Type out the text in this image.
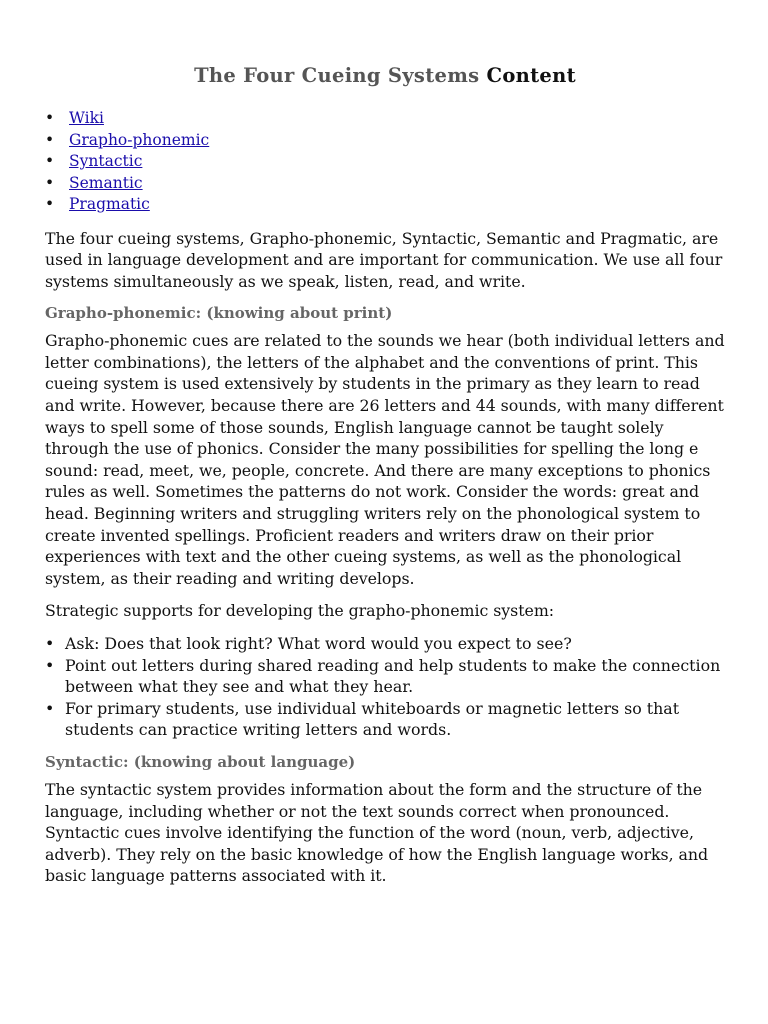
The Four Cueing Systems Content
• Wiki
• Grapho-phonemic
• Syntactic
• Semantic
• Pragmatic

The four cueing systems, Grapho-phonemic, Syntactic, Semantic and Pragmatic, are used in language development and are important for communication. We use all four systems simultaneously as we speak, listen, read, and write.

Grapho-phonemic: (knowing about print)

Grapho-phonemic cues are related to the sounds we hear (both individual letters and letter combinations), the letters of the alphabet and the conventions of print. This cueing system is used extensively by students in the primary as they learn to read and write. However, because there are 26 letters and 44 sounds, with many different ways to spell some of those sounds, English language cannot be taught solely through the use of phonics. Consider the many possibilities for spelling the long e sound: read, meet, we, people, concrete. And there are many exceptions to phonics rules as well. Sometimes the patterns do not work. Consider the words: great and head. Beginning writers and struggling writers rely on the phonological system to create invented spellings. Proficient readers and writers draw on their prior experiences with text and the other cueing systems, as well as the phonological system, as their reading and writing develops.

Strategic supports for developing the grapho-phonemic system:

• Ask: Does that look right? What word would you expect to see?
• Point out letters during shared reading and help students to make the connection between what they see and what they hear.
• For primary students, use individual whiteboards or magnetic letters so that students can practice writing letters and words.
Syntactic: (knowing about language)

The syntactic system provides information about the form and the structure of the language, including whether or not the text sounds correct when pronounced. Syntactic cues involve identifying the function of the word (noun, verb, adjective, adverb). They rely on the basic knowledge of how the English language works, and basic language patterns associated with it.
